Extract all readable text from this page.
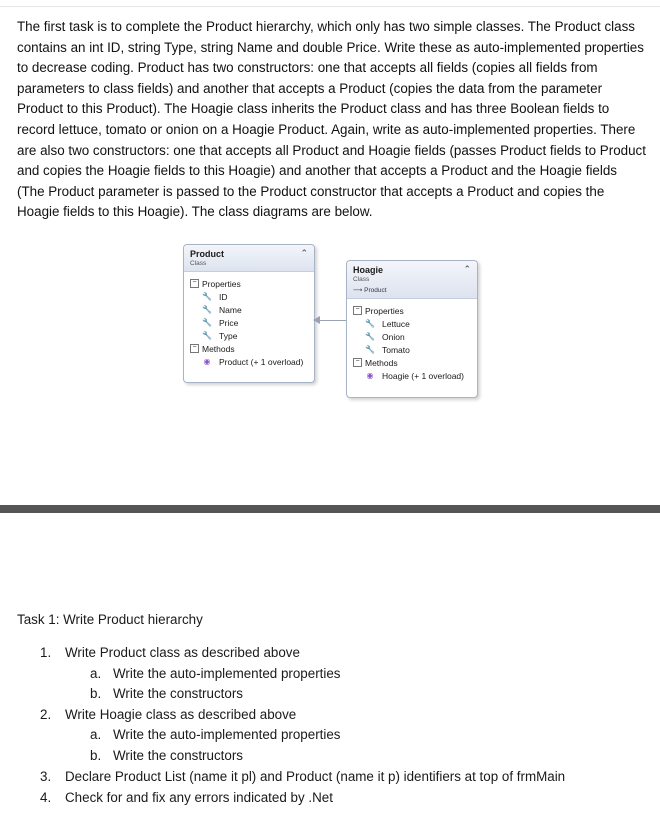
The first task is to complete the Product hierarchy, which only has two simple classes. The Product class contains an int ID, string Type, string Name and double Price. Write these as auto-implemented properties to decrease coding. Product has two constructors: one that accepts all fields (copies all fields from parameters to class fields) and another that accepts a Product (copies the data from the parameter Product to this Product). The Hoagie class inherits the Product class and has three Boolean fields to record lettuce, tomato or onion on a Hoagie Product. Again, write as auto-implemented properties. There are also two constructors: one that accepts all Product and Hoagie fields (passes Product fields to Product and copies the Hoagie fields to this Hoagie) and another that accepts a Product and the Hoagie fields (The Product parameter is passed to the Product constructor that accepts a Product and copies the Hoagie fields to this Hoagie). The class diagrams are below.

Product
Class
⌃
− Properties
🔧 ID
🔧 Name
🔧 Price
🔧 Type
− Methods
◉ Product (+ 1 overload)
Hoagie
Class
⟶ Product
⌃
− Properties
🔧 Lettuce
🔧 Onion
🔧 Tomato
− Methods
◉ Hoagie (+ 1 overload)
Task 1: Write Product hierarchy
1. Write Product class as described above
a. Write the auto-implemented properties
b. Write the constructors
2. Write Hoagie class as described above
a. Write the auto-implemented properties
b. Write the constructors
3. Declare Product List (name it pl) and Product (name it p) identifiers at top of frmMain
4. Check for and fix any errors indicated by .Net
